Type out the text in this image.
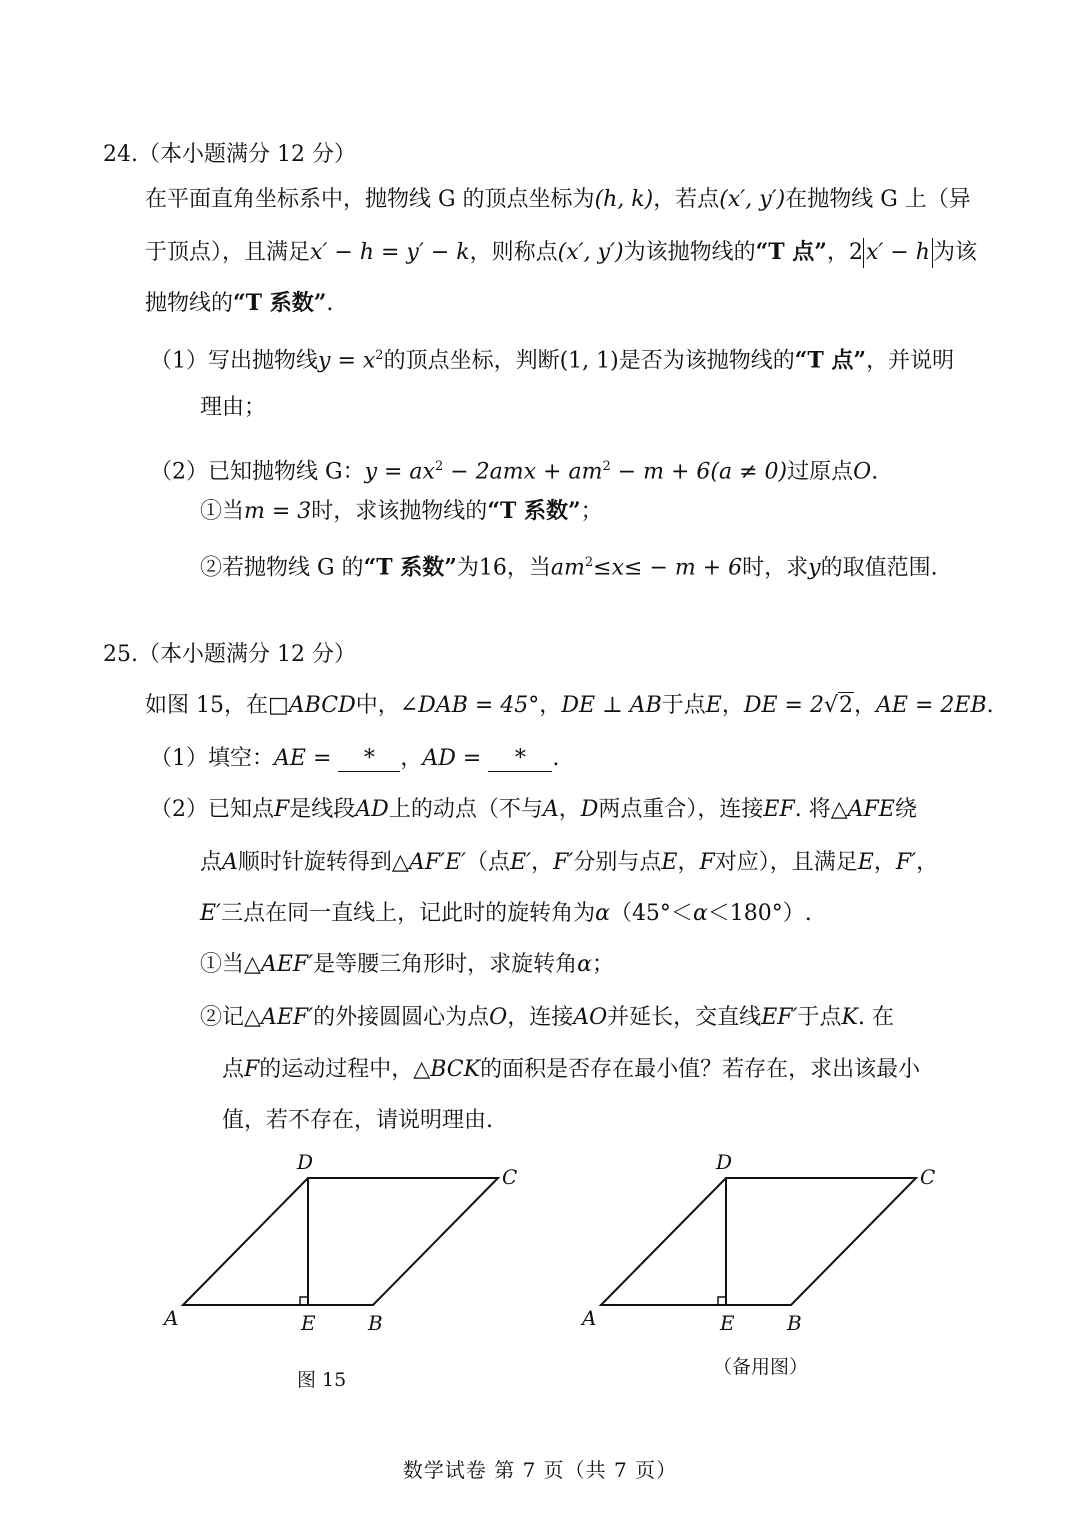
24.（本小题满分 12 分）
在平面直角坐标系中，抛物线 G 的顶点坐标为(h, k)，若点(x′, y′)在抛物线 G 上（异
于顶点），且满足x′ − h = y′ − k，则称点(x′, y′)为该抛物线的“T 点”，2 x′ − h 为该
抛物线的“T 系数”.
（1）写出抛物线$y = x^2$的顶点坐标，判断(1, 1)是否为该抛物线的“T 点”，并说明
理由；
（2）已知抛物线 G：$y = ax^2 - 2amx + am^2 - m + 6(a \ne 0)$过原点O.
①当m = 3时，求该抛物线的“T 系数”；
②若抛物线 G 的“T 系数”为16，当$am^2\le x\le - m + 6$时，求y的取值范围.
25.（本小题满分 12 分）
如图 15，在□ABCD中，∠DAB = 45°，DE ⊥ AB于点E，DE = 2√2，AE = 2EB.
（1）填空：AE = * ，AD = * .
（2）已知点F是线段AD上的动点（不与A，D两点重合），连接EF. 将△AFE绕
点A顺时针旋转得到△AF′E′（点E′，F′分别与点E，F对应），且满足E，F′，
E′三点在同一直线上，记此时的旋转角为α（45°＜α＜180°）.
①当△AEF′是等腰三角形时，求旋转角α；
②记△AEF′的外接圆圆心为点O，连接AO并延长，交直线EF′于点K. 在
点F的运动过程中，△BCK的面积是否存在最小值？若存在，求出该最小
值，若不存在，请说明理由.
D
C
A	E	B
图 15
D
C
A	E	B
（备用图）
数学试卷 第 7 页（共 7 页）
